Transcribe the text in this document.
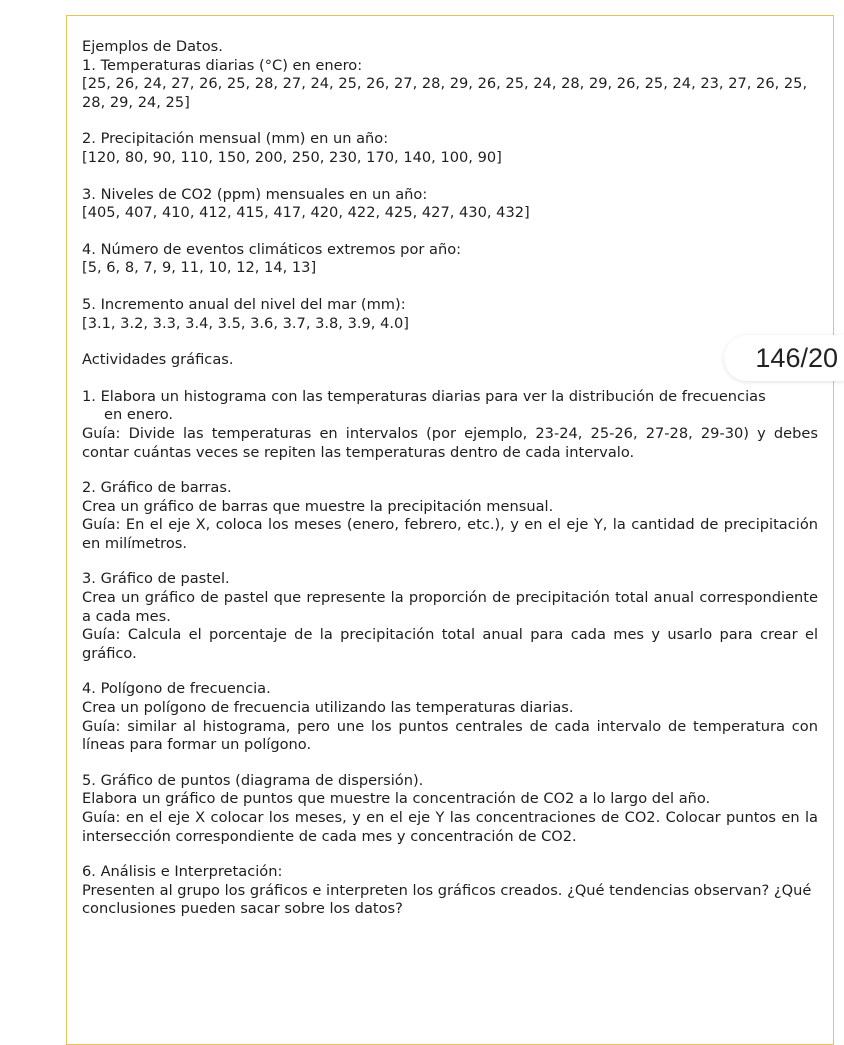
Ejemplos de Datos.
1. Temperaturas diarias (°C) en enero:
[25, 26, 24, 27, 26, 25, 28, 27, 24, 25, 26, 27, 28, 29, 26, 25, 24, 28, 29, 26, 25, 24, 23, 27, 26, 25,
28, 29, 24, 25]
2. Precipitación mensual (mm) en un año:
[120, 80, 90, 110, 150, 200, 250, 230, 170, 140, 100, 90]
3. Niveles de CO2 (ppm) mensuales en un año:
[405, 407, 410, 412, 415, 417, 420, 422, 425, 427, 430, 432]
4. Número de eventos climáticos extremos por año:
[5, 6, 8, 7, 9, 11, 10, 12, 14, 13]
5. Incremento anual del nivel del mar (mm):
[3.1, 3.2, 3.3, 3.4, 3.5, 3.6, 3.7, 3.8, 3.9, 4.0]
Actividades gráficas.
1. Elabora un histograma con las temperaturas diarias para ver la distribución de frecuencias
en enero.
Guía: Divide las temperaturas en intervalos (por ejemplo, 23-24, 25-26, 27-28, 29-30) y debes contar cuántas veces se repiten las temperaturas dentro de cada intervalo.
2. Gráfico de barras.
Crea un gráfico de barras que muestre la precipitación mensual.
Guía: En el eje X, coloca los meses (enero, febrero, etc.), y en el eje Y, la cantidad de precipitación en milímetros.
3. Gráfico de pastel.
Crea un gráfico de pastel que represente la proporción de precipitación total anual correspondiente a cada mes.
Guía: Calcula el porcentaje de la precipitación total anual para cada mes y usarlo para crear el gráfico.
4. Polígono de frecuencia.
Crea un polígono de frecuencia utilizando las temperaturas diarias.
Guía: similar al histograma, pero une los puntos centrales de cada intervalo de temperatura con líneas para formar un polígono.
5. Gráfico de puntos (diagrama de dispersión).
Elabora un gráfico de puntos que muestre la concentración de CO2 a lo largo del año.
Guía: en el eje X colocar los meses, y en el eje Y las concentraciones de CO2. Colocar puntos en la intersección correspondiente de cada mes y concentración de CO2.
6. Análisis e Interpretación:
Presenten al grupo los gráficos e interpreten los gráficos creados. ¿Qué tendencias observan? ¿Qué conclusiones pueden sacar sobre los datos?
146/20
